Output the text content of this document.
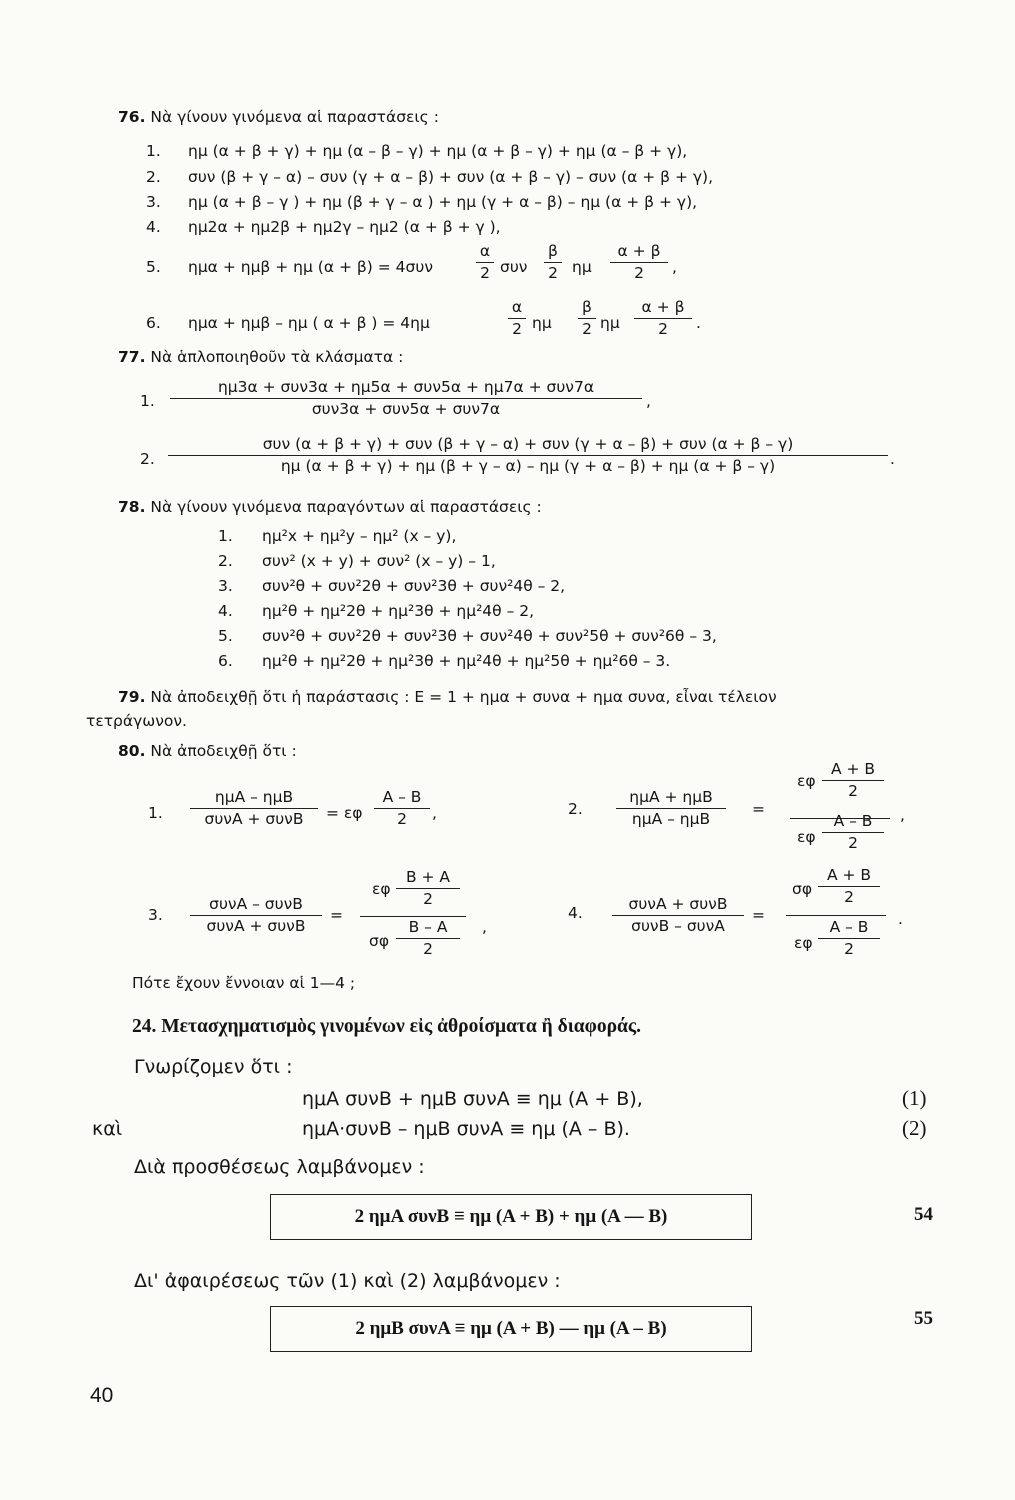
76. Νὰ γίνουν γινόμενα αἱ παραστάσεις :
1. ημ (α + β + γ) + ημ (α – β – γ) + ημ (α + β – γ) + ημ (α – β + γ),
2. συν (β + γ – α) – συν (γ + α – β) + συν (α + β – γ) – συν (α + β + γ),
3. ημ (α + β – γ ) + ημ (β + γ – α ) + ημ (γ + α – β) – ημ (α + β + γ),
4. ημ2α + ημ2β + ημ2γ – ημ2 (α + β + γ ),
5. ημα + ημβ + ημ (α + β) = 4συν
α
2 συν
β
2 ημ
α + β
2	,
6. ημα + ημβ – ημ ( α + β ) = 4ημ
α
2 ημ
β
2 ημ
α + β
2	.
77. Νὰ ἁπλοποιηθοῦν τὰ κλάσματα :
1.
ημ3α + συν3α + ημ5α + συν5α + ημ7α + συν7α
συν3α + συν5α + συν7α	,
2.
συν (α + β + γ) + συν (β + γ – α) + συν (γ + α – β) + συν (α + β – γ)
ημ (α + β + γ) + ημ (β + γ – α) – ημ (γ + α – β) + ημ (α + β – γ)	.
78. Νὰ γίνουν γινόμενα παραγόντων αἱ παραστάσεις :
1. ημ²x + ημ²y – ημ² (x – y),
2. συν² (x + y) + συν² (x – y) – 1,
3. συν²θ + συν²2θ + συν²3θ + συν²4θ – 2,
4. ημ²θ + ημ²2θ + ημ²3θ + ημ²4θ – 2,
5. συν²θ + συν²2θ + συν²3θ + συν²4θ + συν²5θ + συν²6θ – 3,
6. ημ²θ + ημ²2θ + ημ²3θ + ημ²4θ + ημ²5θ + ημ²6θ – 3.
79. Νὰ ἀποδειχθῇ ὅτι ἡ παράστασις : Ε = 1 + ημα + συνα + ημα συνα, εἶναι τέλειον
τετράγωνον.
80. Νὰ ἀποδειχθῇ ὅτι :
1.
ημΑ – ημΒ
συνΑ + συνΒ	= εφ
Α – Β
2	,	2.
ημΑ + ημΒ
ημΑ – ημΒ
=
εφ
Α + Β
2
εφ
Α – Β
2
,
3.
συνΑ – συνΒ
συνΑ + συνΒ
=
εφ
Β + Α
2
σφ
Β – Α
2
,
4.	συνΑ + συνΒ
συνΒ – συνΑ
=
σφ
Α + Β
2
εφ
Α – Β
2
.
Πότε ἔχουν ἔννοιαν αἱ 1—4 ;
24. Μετασχηματισμὸς γινομένων εἰς ἀθροίσματα ἢ διαφοράς.
Γνωρίζομεν ὅτι :
ημΑ συνΒ + ημΒ συνΑ ≡ ημ (Α + Β),	(1)
καὶ	ημΑ·συνΒ – ημΒ συνΑ ≡ ημ (Α – Β).	(2)
Διὰ προσθέσεως λαμβάνομεν :
2 ημΑ συνΒ ≡ ημ (Α + Β) + ημ (Α — Β)	54
Δι' ἀφαιρέσεως τῶν (1) καὶ (2) λαμβάνομεν :
2 ημΒ συνΑ ≡ ημ (Α + Β) — ημ (Α – Β)	55
40
